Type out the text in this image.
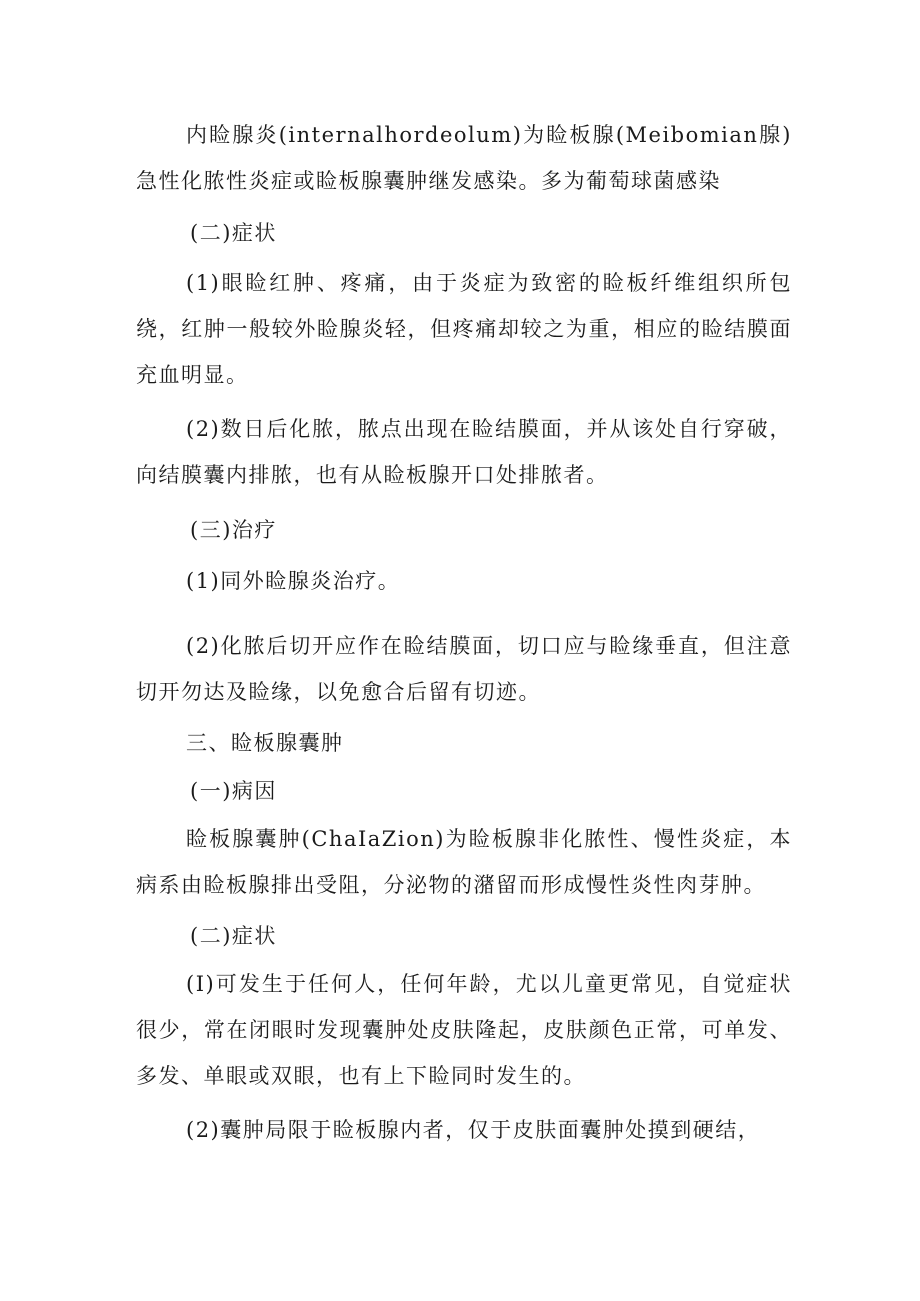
内睑腺炎(internalhordeolum)为睑板腺(Meibomian腺)急性化脓性炎症或睑板腺囊肿继发感染。多为葡萄球菌感染

(二)症状

(1)眼睑红肿、疼痛，由于炎症为致密的睑板纤维组织所包绕，红肿一般较外睑腺炎轻，但疼痛却较之为重，相应的睑结膜面充血明显。

(2)数日后化脓，脓点出现在睑结膜面，并从该处自行穿破，向结膜囊内排脓，也有从睑板腺开口处排脓者。

(三)治疗

(1)同外睑腺炎治疗。

(2)化脓后切开应作在睑结膜面，切口应与睑缘垂直，但注意切开勿达及睑缘，以免愈合后留有切迹。

三、睑板腺囊肿

(一)病因

睑板腺囊肿(ChaIaZion)为睑板腺非化脓性、慢性炎症，本病系由睑板腺排出受阻，分泌物的潴留而形成慢性炎性肉芽肿。

(二)症状

(I)可发生于任何人，任何年龄，尤以儿童更常见，自觉症状很少，常在闭眼时发现囊肿处皮肤隆起，皮肤颜色正常，可单发、多发、单眼或双眼，也有上下睑同时发生的。

(2)囊肿局限于睑板腺内者，仅于皮肤面囊肿处摸到硬结，
